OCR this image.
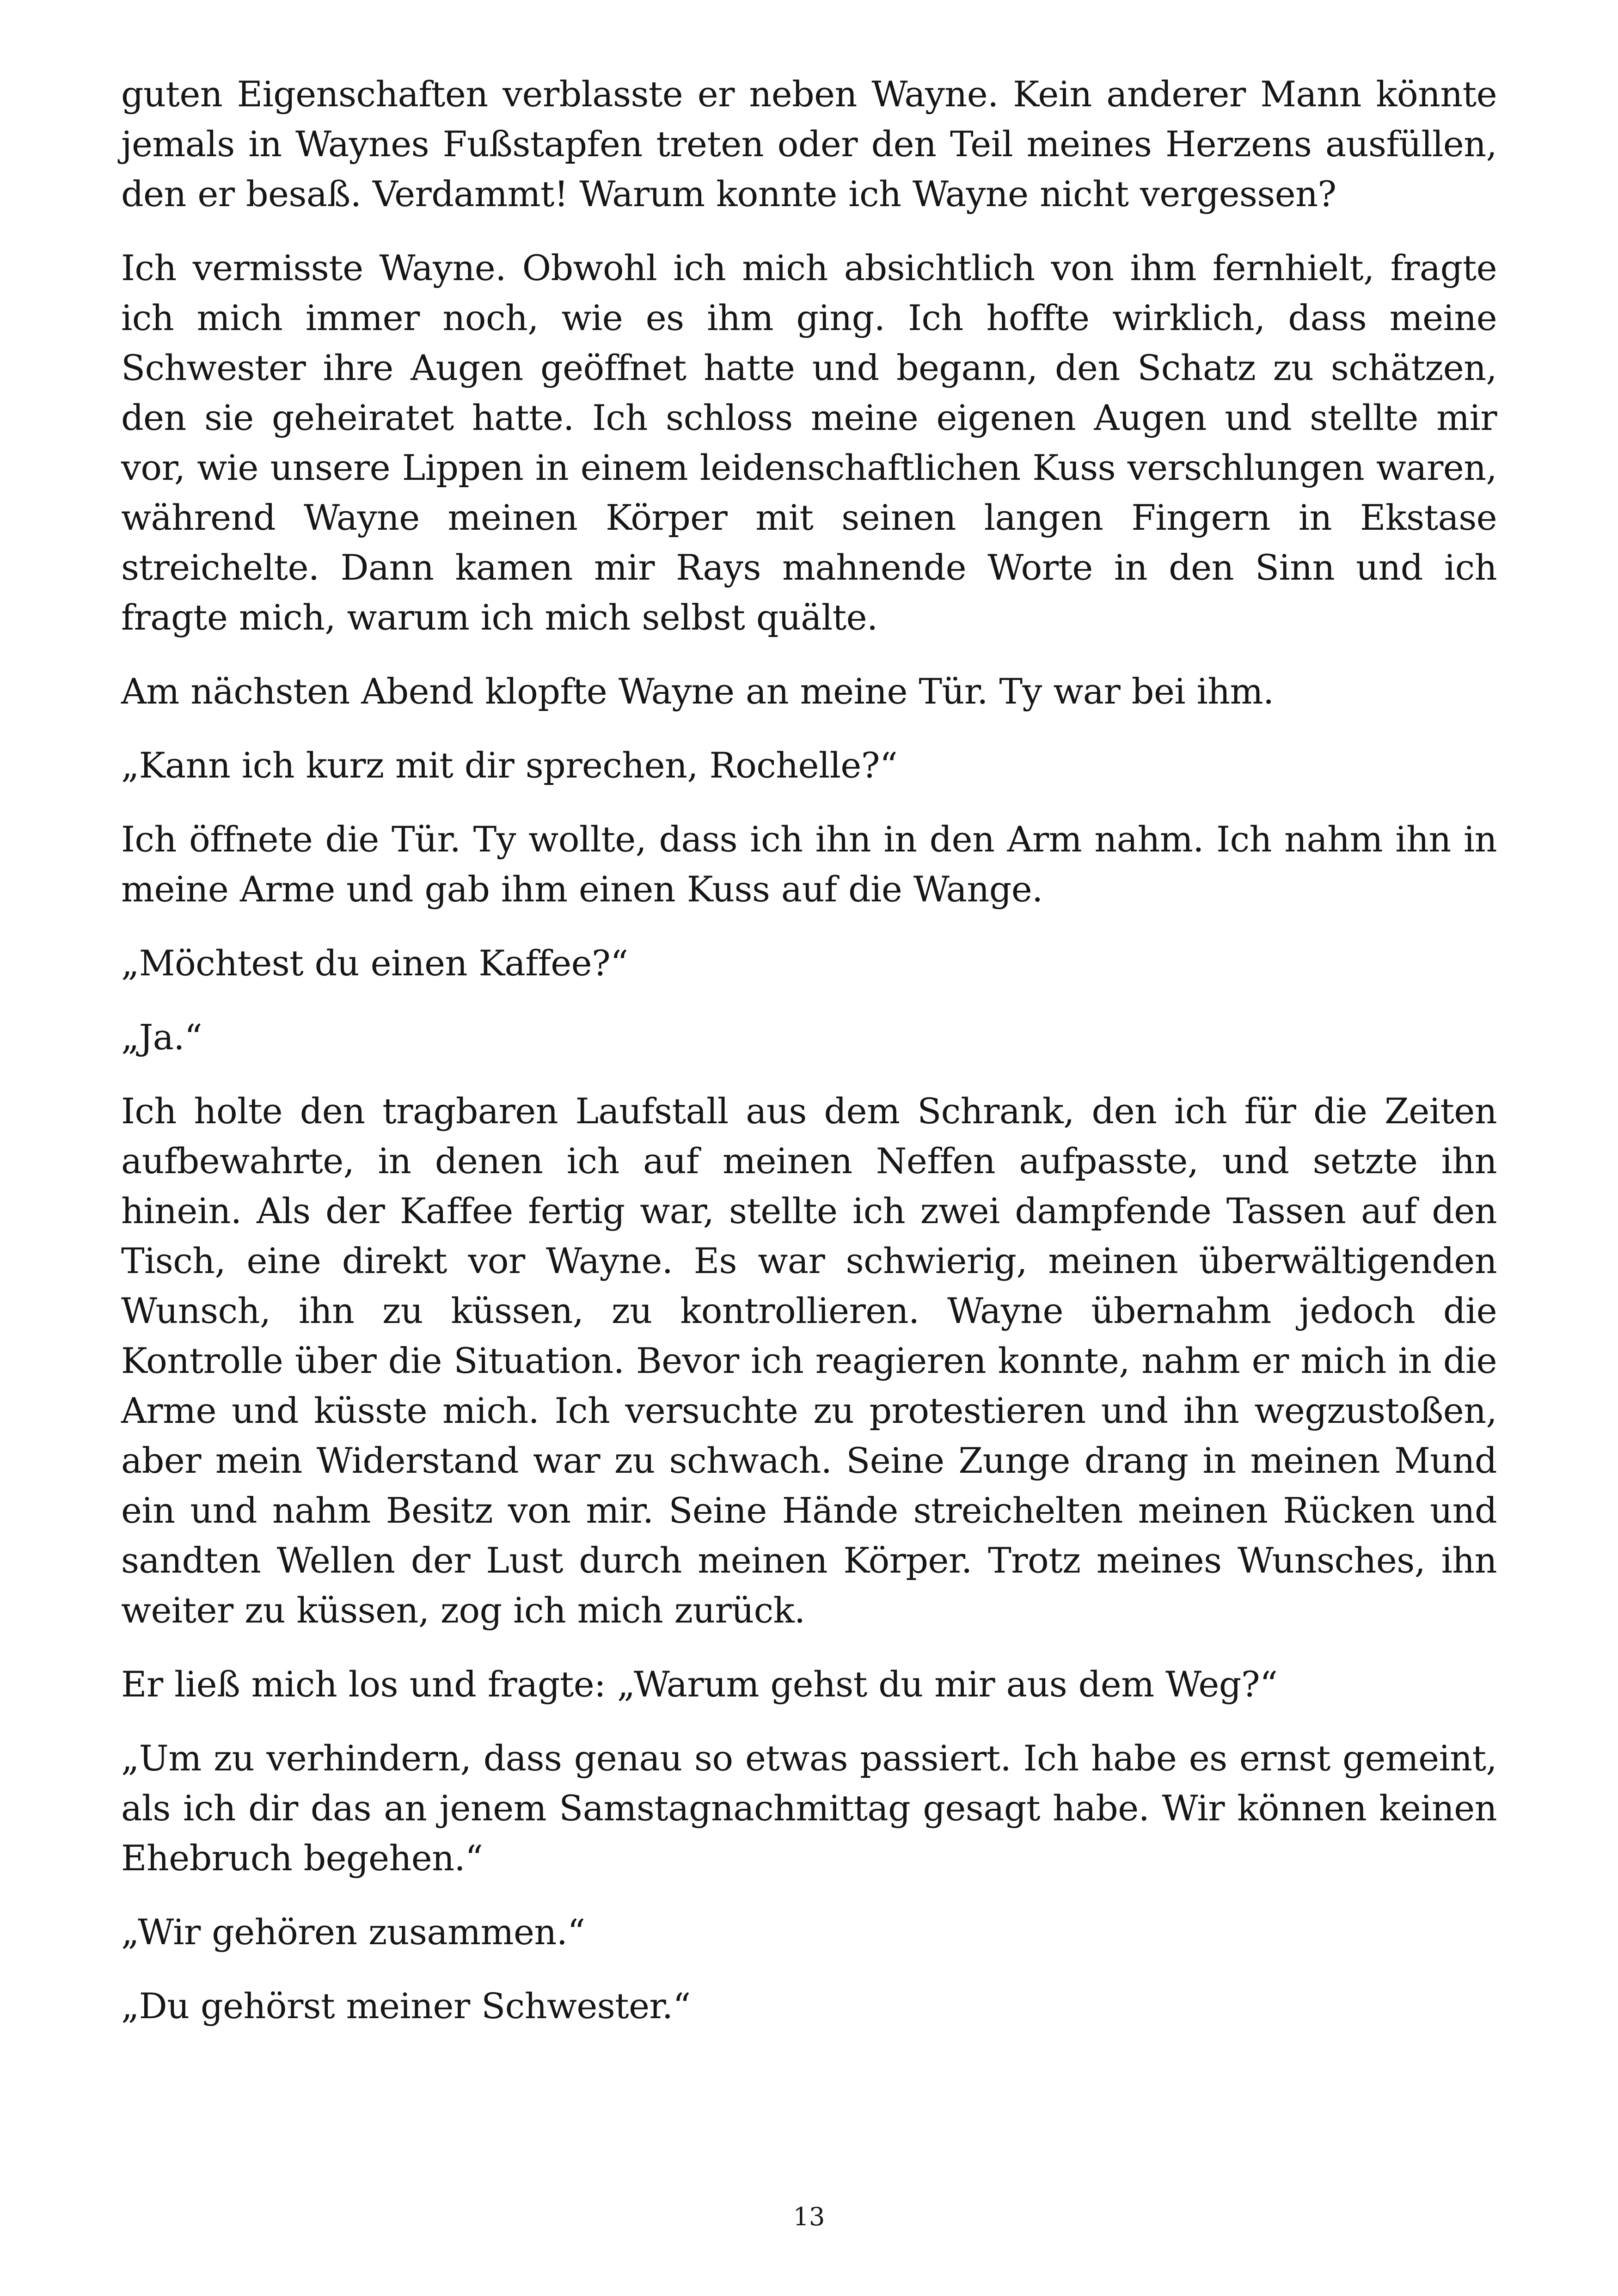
guten Eigenschaften verblasste er neben Wayne. Kein anderer Mann könnte jemals in Waynes Fußstapfen treten oder den Teil meines Herzens ausfüllen, den er besaß. Verdammt! Warum konnte ich Wayne nicht vergessen?

Ich vermisste Wayne. Obwohl ich mich absichtlich von ihm fernhielt, fragte ich mich immer noch, wie es ihm ging. Ich hoffte wirklich, dass meine Schwester ihre Augen geöffnet hatte und begann, den Schatz zu schätzen, den sie geheiratet hatte. Ich schloss meine eigenen Augen und stellte mir vor, wie unsere Lippen in einem leidenschaftlichen Kuss verschlungen waren, während Wayne meinen Körper mit seinen langen Fingern in Ekstase streichelte. Dann kamen mir Rays mahnende Worte in den Sinn und ich fragte mich, warum ich mich selbst quälte.

Am nächsten Abend klopfte Wayne an meine Tür. Ty war bei ihm.

„Kann ich kurz mit dir sprechen, Rochelle?“

Ich öffnete die Tür. Ty wollte, dass ich ihn in den Arm nahm. Ich nahm ihn in meine Arme und gab ihm einen Kuss auf die Wange.

„Möchtest du einen Kaffee?“

„Ja.“

Ich holte den tragbaren Laufstall aus dem Schrank, den ich für die Zeiten aufbewahrte, in denen ich auf meinen Neffen aufpasste, und setzte ihn hinein. Als der Kaffee fertig war, stellte ich zwei dampfende Tassen auf den Tisch, eine direkt vor Wayne. Es war schwierig, meinen überwältigenden Wunsch, ihn zu küssen, zu kontrollieren. Wayne übernahm jedoch die Kontrolle über die Situation. Bevor ich reagieren konnte, nahm er mich in die Arme und küsste mich. Ich versuchte zu protestieren und ihn wegzustoßen, aber mein Widerstand war zu schwach. Seine Zunge drang in meinen Mund ein und nahm Besitz von mir. Seine Hände streichelten meinen Rücken und sandten Wellen der Lust durch meinen Körper. Trotz meines Wunsches, ihn weiter zu küssen, zog ich mich zurück.

Er ließ mich los und fragte: „Warum gehst du mir aus dem Weg?“

„Um zu verhindern, dass genau so etwas passiert. Ich habe es ernst gemeint, als ich dir das an jenem Samstagnachmittag gesagt habe. Wir können keinen Ehebruch begehen.“

„Wir gehören zusammen.“

„Du gehörst meiner Schwester.“

13
